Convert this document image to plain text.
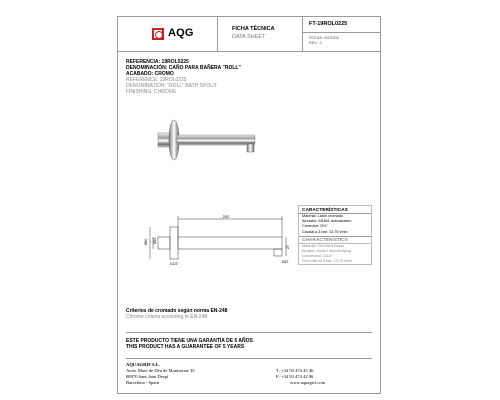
AQG	FICHA TÉCNICA
DATA SHEET
FT-19ROL0225
FECHA: 0/0/2005
REV.: 0
REFERENCIA: 19ROL0225
DENOMINACIÓN: CAÑO PARA BAÑERA "ROLL"
ACABADO: CROMO
REFERENCE: 19ROL0225
DENOMINATION: "ROLL" BATH SPOUT
FINISHING: CHROME
202
Ø60 Ø22
G1/2"
27
Ø22
CARACTERÍSTICAS
Material: Latón cromado
Aireador: M18x1 anticalcáreo
Conexión: G½"
Caudal a 3 bar: 13,75 l/min
CHARACTERISTICS
Material: Chromed Brass
Aerator: M18x1 anticalcifying
Connection: G1/2"
Flow rate at 3 bar: 13,75 l/min
Criterios de cromado según norma EN-248
Chrome criteria according to EN-248
ESTE PRODUCTO TIENE UNA GARANTÍA DE 5 AÑOS
THIS PRODUCT HAS A GUARANTEE OF 5 YEARS
AQUAGRIF S.L.
Avda. Mare de Déu de Montserrat 35
08970 Sant Joan Despí
Barcelona - Spain
T: +34 93 474 45 46
F: +34 93 474 42 96
www.aquagrif.com
